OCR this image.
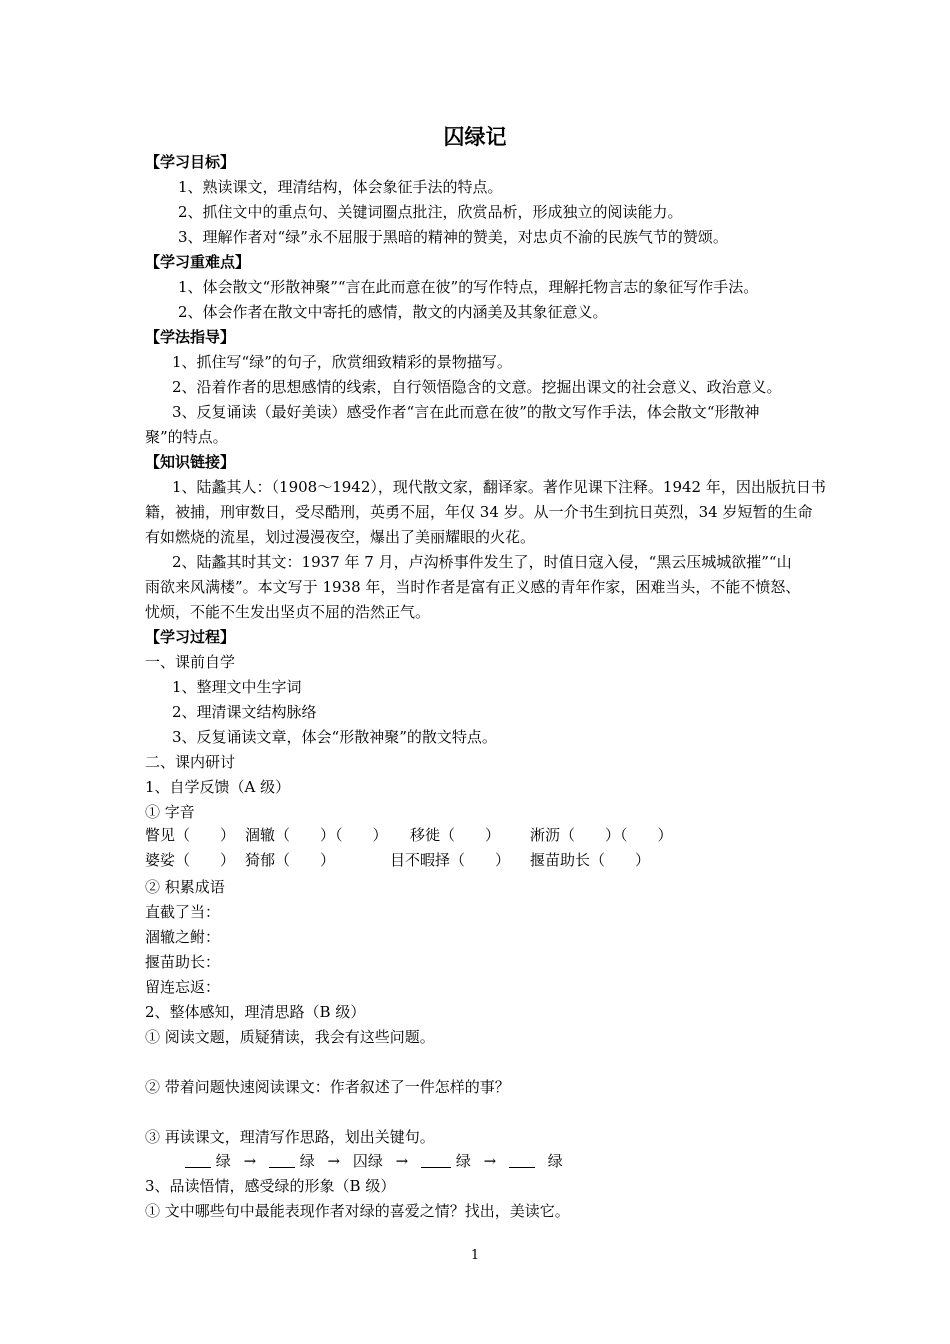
囚绿记
【学习目标】
1、熟读课文，理清结构，体会象征手法的特点。
2、抓住文中的重点句、关键词圈点批注，欣赏品析，形成独立的阅读能力。
3、理解作者对“绿”永不屈服于黑暗的精神的赞美，对忠贞不渝的民族气节的赞颂。
【学习重难点】
1、体会散文“形散神聚”“言在此而意在彼”的写作特点，理解托物言志的象征写作手法。
2、体会作者在散文中寄托的感情，散文的内涵美及其象征意义。
【学法指导】
1、抓住写“绿”的句子，欣赏细致精彩的景物描写。
2、沿着作者的思想感情的线索，自行领悟隐含的文意。挖掘出课文的社会意义、政治意义。
3、反复诵读（最好美读）感受作者“言在此而意在彼”的散文写作手法，体会散文“形散神
聚”的特点。
【知识链接】
1、陆蠡其人：（1908～1942），现代散文家，翻译家。著作见课下注释。1942 年，因出版抗日书
籍，被捕，刑审数日，受尽酷刑，英勇不屈，年仅 34 岁。从一介书生到抗日英烈，34 岁短暂的生命
有如燃烧的流星，划过漫漫夜空，爆出了美丽耀眼的火花。
2、陆蠡其时其文：1937 年 7 月，卢沟桥事件发生了，时值日寇入侵，“黑云压城城欲摧”“山
雨欲来风满楼”。本文写于 1938 年，当时作者是富有正义感的青年作家，困难当头，不能不愤怒、
忧烦，不能不生发出坚贞不屈的浩然正气。
【学习过程】
一、课前自学
1、整理文中生字词
2、理清课文结构脉络
3、反复诵读文章，体会“形散神聚”的散文特点。
二、课内研讨
1、自学反馈（A 级）
① 字音
瞥见（　　） 涸辙（　　）（　　） 移徙（　　） 淅沥（　　）（　　）
婆娑（　　） 猗郁（　　）	目不暇择（　　） 揠苗助长（　　）
② 积累成语
直截了当：
涸辙之鲋：
揠苗助长：
留连忘返：
2、整体感知，理清思路（B 级）
① 阅读文题，质疑猜读，我会有这些问题。
② 带着问题快速阅读课文：作者叙述了一件怎样的事？
③ 再读课文，理清写作思路，划出关键句。
绿 →	绿 → 囚绿 →	绿 →	绿
3、品读悟情，感受绿的形象（B 级）
① 文中哪些句中最能表现作者对绿的喜爱之情？找出，美读它。
1
